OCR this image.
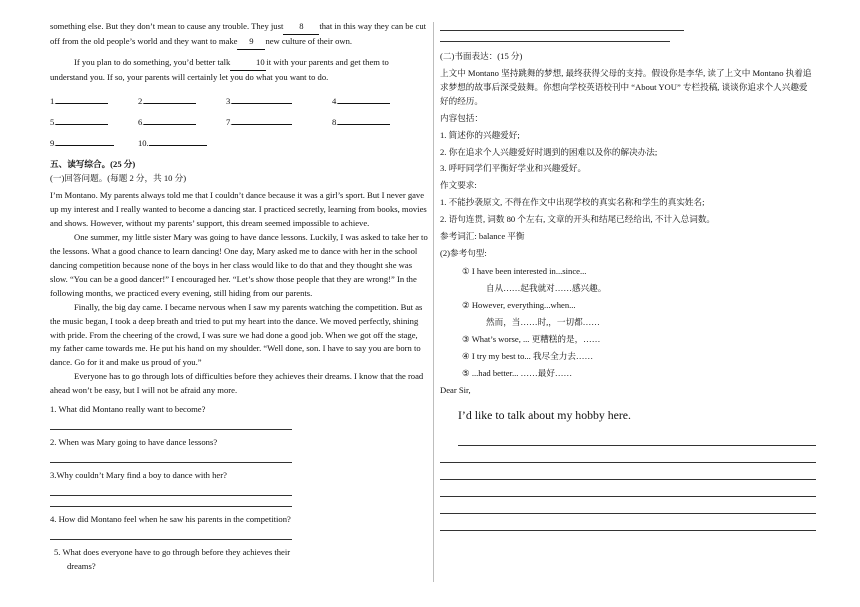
something else. But they don’t mean to cause any trouble. They just 8 that in this way they can be cut off from the old people’s world and they want to make 9 new culture of their own.

If you plan to do something, you’d better talk	10 it with your parents and get them to understand you. If so, your parents will certainly let you do what you want to do.

1.	2.	3.	4.
5.	6.	7.	8.
9.	10.

五、读写综合。(25 分)

(一)回答问题。(每题 2 分，共 10 分)

I’m Montano. My parents always told me that I couldn’t dance because it was a girl’s sport. But I never gave up my interest and I really wanted to become a dancing star. I practiced secretly, learning from books, movies and shows. However, without my parents’ support, this dream seemed impossible to achieve.

One summer, my little sister Mary was going to have dance lessons. Luckily, I was asked to take her to the lessons. What a good chance to learn dancing! One day, Mary asked me to dance with her in the school dancing competition because none of the boys in her class would like to do that and they thought she was slow. “You can be a good dancer!” I encouraged her. “Let’s show those people that they are wrong!” In the following months, we practiced every evening, still hiding from our parents.

Finally, the big day came. I became nervous when I saw my parents watching the competition. But as the music began, I took a deep breath and tried to put my heart into the dance. We moved perfectly, shining with pride. From the cheering of the crowd, I was sure we had done a good job. When we got off the stage, my father came towards me. He put his hand on my shoulder. “Well done, son. I have to say you are born to dance. Go for it and make us proud of you.”

Everyone has to go through lots of difficulties before they achieves their dreams. I know that the road ahead won’t be easy, but I will not be afraid any more.

1. What did Montano really want to become?

2. When was Mary going to have dance lessons?

3.Why couldn’t Mary find a boy to dance with her?

4. How did Montano feel when he saw his parents in the competition?

5. What does everyone have to go through before they achieves their

dreams?

(二)书面表达：(15 分)

上文中 Montano 坚持跳舞的梦想, 最终获得父母的支持。假设你是李华, 读了上文中 Montano 执着追求梦想的故事后深受鼓舞。你想向学校英语校刊中 “About YOU” 专栏投稿, 谈谈你追求个人兴趣爱好的经历。

内容包括：

1. 简述你的兴趣爱好;

2. 你在追求个人兴趣爱好时遇到的困难以及你的解决办法;

3. 呼吁同学们平衡好学业和兴趣爱好。

作文要求:

1. 不能抄袭原文, 不得在作文中出现学校的真实名称和学生的真实姓名;

2. 语句连贯, 词数 80 个左右, 文章的开头和结尾已经给出, 不计入总词数。

参考词汇: balance 平衡

(2)参考句型:

① I have been interested in...since...

自从……起我就对……感兴趣。

② However, everything...when...

然而，当……时,，一切都……

③ What’s worse, ... 更糟糕的是，……

④ I try my best to... 我尽全力去……

⑤ ...had better... ……最好……

Dear Sir,

I’d like to talk about my hobby here.
